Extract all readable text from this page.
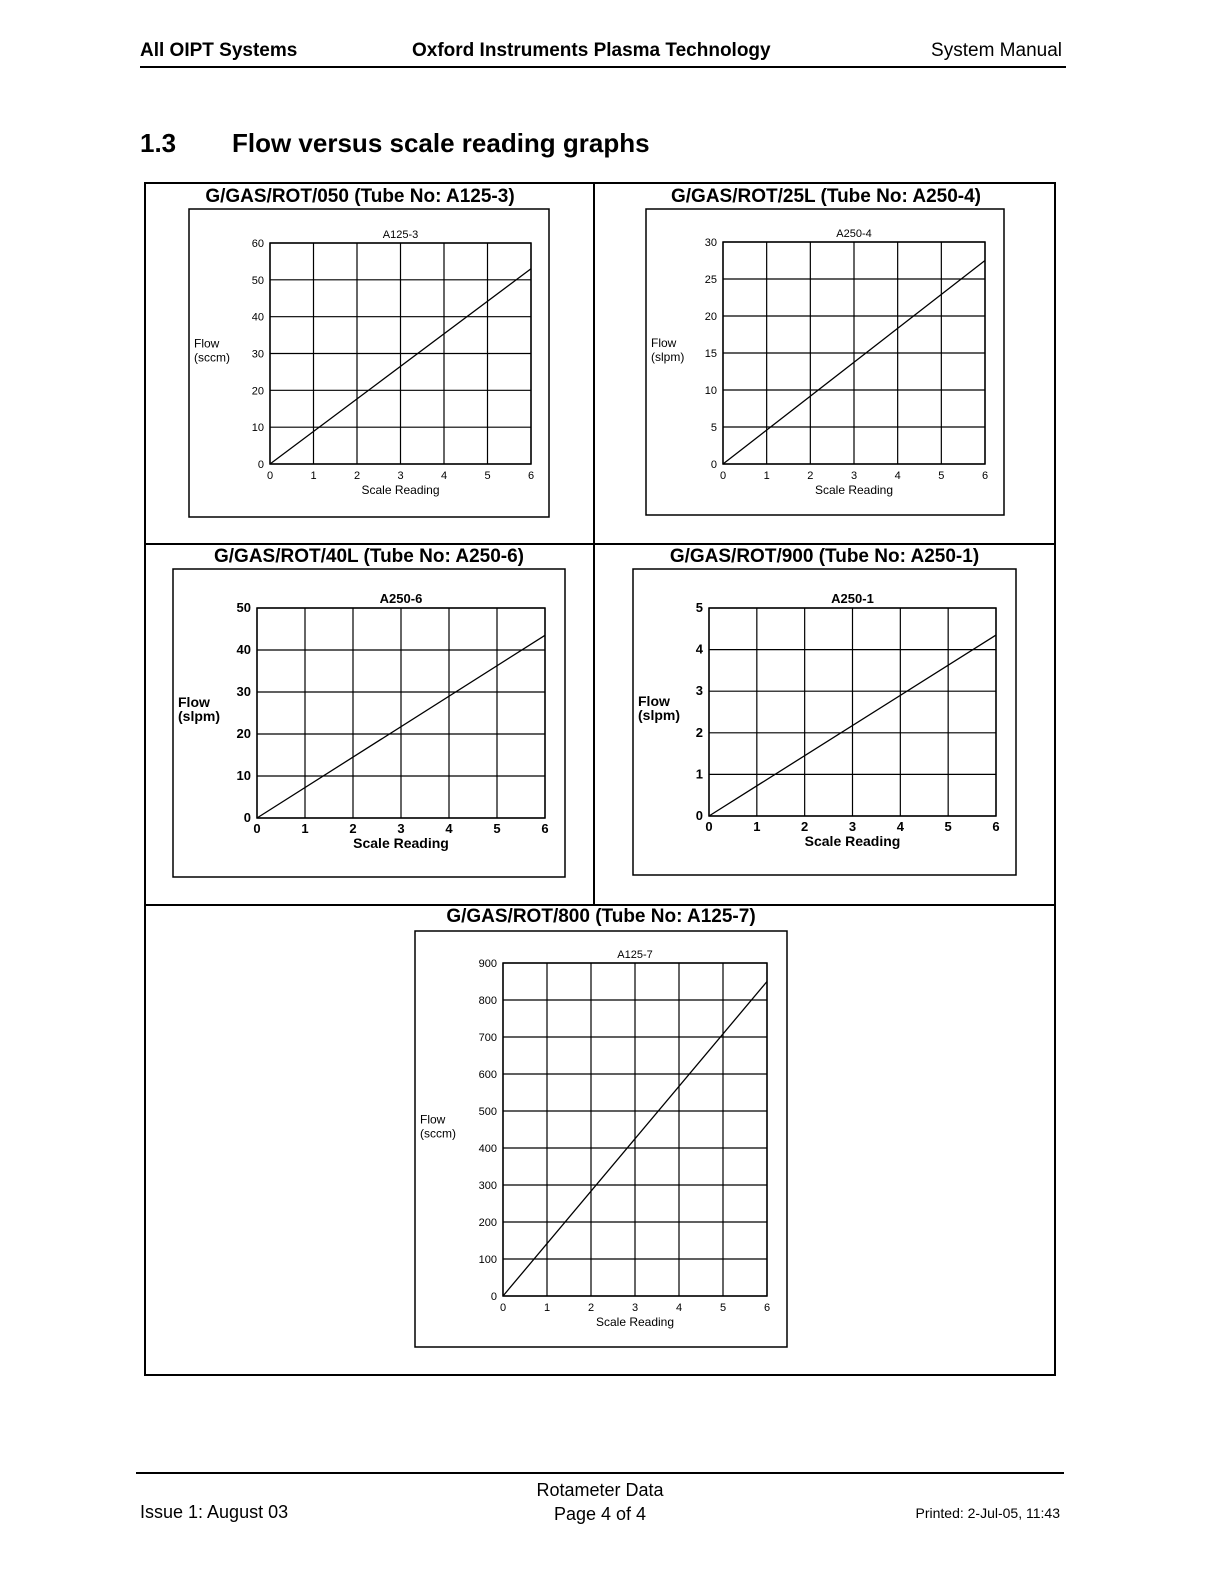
All OIPT Systems	Oxford Instruments Plasma Technology	System Manual
1.3 Flow versus scale reading graphs
G/GAS/ROT/050 (Tube No: A125-3)
A125-3
0
10
20
30
40
50
60
0	1	2	3	4	5	6
Scale Reading
Flow
(sccm)
G/GAS/ROT/25L (Tube No: A250-4)
A250-4
0
5
10
15
20
25
30
0	1	2	3	4	5	6
Scale Reading
Flow
(slpm)
G/GAS/ROT/40L (Tube No: A250-6)
A250-6
0
10
20
30
40
50
0	1	2	3	4	5	6
Scale Reading
Flow
(slpm)
G/GAS/ROT/900 (Tube No: A250-1)
A250-1
0
1
2
3
4
5
0	1	2	3	4	5	6
Scale Reading
Flow
(slpm)
G/GAS/ROT/800 (Tube No: A125-7)
A125-7
0
100
200
300
400
500
600
700
800
900
0	1	2	3	4	5	6
Scale Reading
Flow
(sccm)
Issue 1: August 03
Rotameter Data
Page 4 of 4	Printed: 2-Jul-05, 11:43
